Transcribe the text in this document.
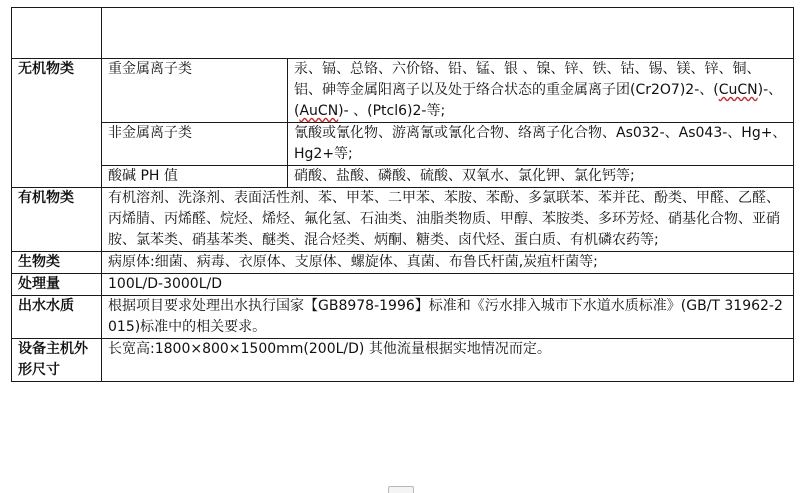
无机物类	重金属离子类	汞、镉、总铬、六价铬、铅、锰、银 、镍、锌、铁、钴、锡、镁、锌、铜、铝、砷等金属阳离子以及处于络合状态的重金属离子团(Cr2O7)2-、(CuCN)-、(AuCN)- 、(Ptcl6)2-等;
	非金属离子类	氰酸或氰化物、游离氰或氰化合物、络离子化合物、As032-、As043-、Hg+、Hg2+等;
	酸碱 PH 值	硝酸、盐酸、磷酸、硫酸、双氧水、氯化钾、氯化钙等;
有机物类	有机溶剂、洗涤剂、表面活性剂、苯、甲苯、二甲苯、苯胺、苯酚、多氯联苯、苯并芘、酚类、甲醛、乙醛、丙烯腈、丙烯醛、烷烃、烯烃、氟化氢、石油类、油脂类物质、甲醇、苯胺类、多环芳烃、硝基化合物、亚硝胺、氯苯类、硝基苯类、醚类、混合烃类、炳酮、糖类、卤代烃、蛋白质、有机磷农药等;	
生物类	病原体:细菌、病毒、衣原体、支原体、螺旋体、真菌、布鲁氏杆菌,炭疽杆菌等;	
处理量	100L/D-3000L/D	
出水水质	根据项目要求处理出水执行国家【GB8978-1996】标准和《污水排入城市下水道水质标准》(GB/T 31962-2015)标准中的相关要求。	
设备主机外形尺寸	长宽高:1800×800×1500mm(200L/D) 其他流量根据实地情况而定。	
